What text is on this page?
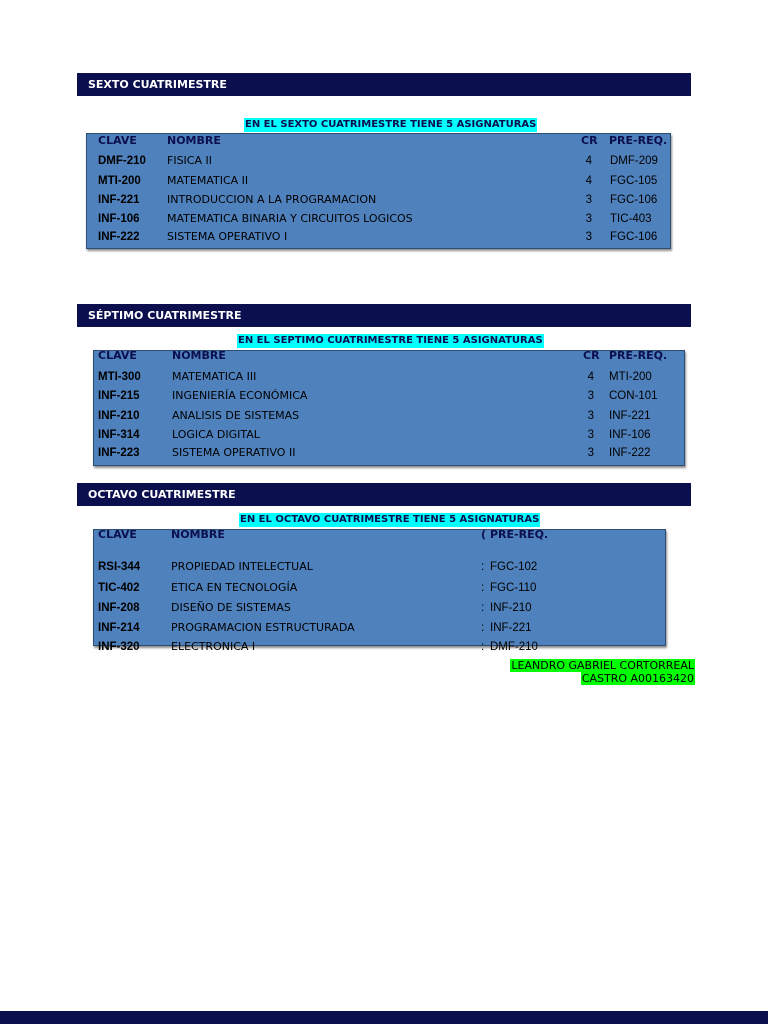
SEXTO CUATRIMESTRE
EN EL SEXTO CUATRIMESTRE TIENE 5 ASIGNATURAS
CLAVE	NOMBRE	CR PRE-REQ.
DMF-210 FISICA II	4 DMF-209
MTI-200 MATEMATICA II	4 FGC-105
INF-221 INTRODUCCION A LA PROGRAMACION	3 FGC-106
INF-106 MATEMATICA BINARIA Y CIRCUITOS LOGICOS	3 TIC-403
INF-222 SISTEMA OPERATIVO I	3 FGC-106
SÉPTIMO CUATRIMESTRE
EN EL SEPTIMO CUATRIMESTRE TIENE 5 ASIGNATURAS
CLAVE	NOMBRE	CR PRE-REQ.
MTI-300	MATEMATICA III	4 MTI-200
INF-215	INGENIERÍA ECONÓMICA	3 CON-101
INF-210	ANALISIS DE SISTEMAS	3 INF-221
INF-314	LOGICA DIGITAL	3 INF-106
INF-223	SISTEMA OPERATIVO II	3 INF-222
OCTAVO CUATRIMESTRE
EN EL OCTAVO CUATRIMESTRE TIENE 5 ASIGNATURAS
CLAVE	NOMBRE	( PRE-REQ.
RSI-344	PROPIEDAD INTELECTUAL	: FGC-102
TIC-402	ETICA EN TECNOLOGÍA	: FGC-110
INF-208	DISEÑO DE SISTEMAS	: INF-210
INF-214	PROGRAMACION ESTRUCTURADA	: INF-221
INF-320	ELECTRONICA I	: DMF-210
LEANDRO GABRIEL CORTORREAL
CASTRO A00163420
